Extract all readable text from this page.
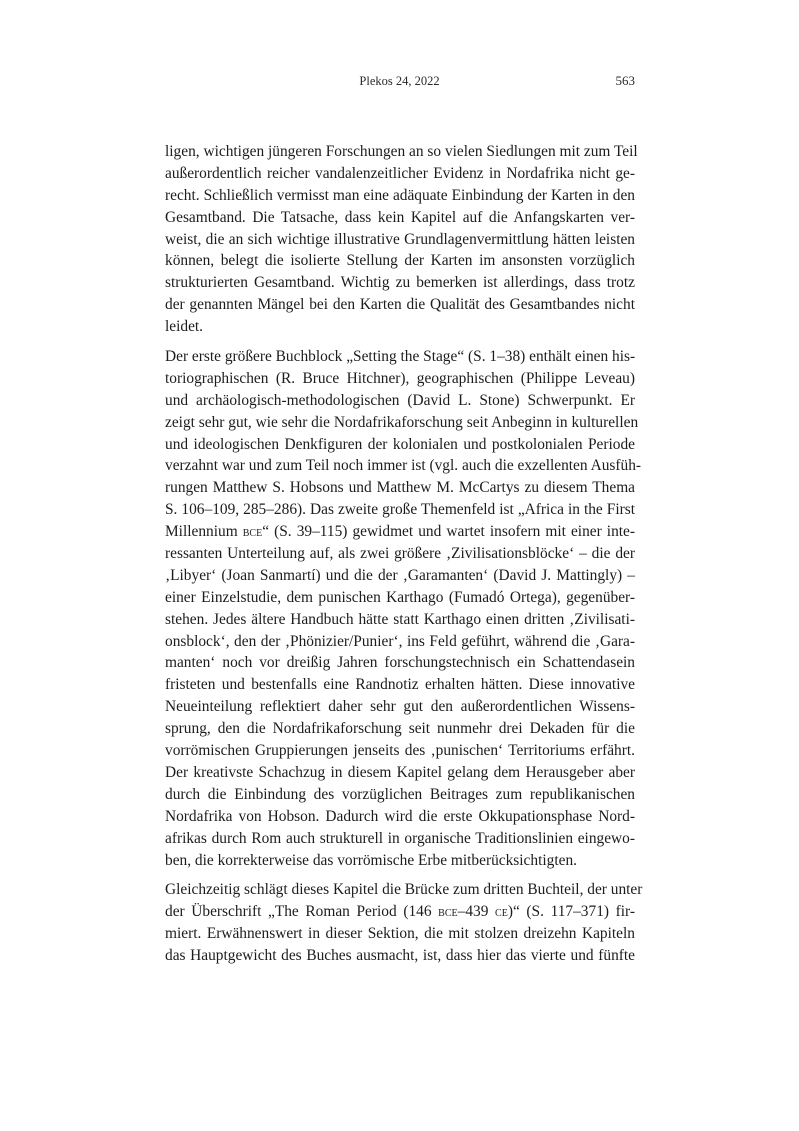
Plekos 24, 2022	563

ligen, wichtigen jüngeren Forschungen an so vielen Siedlungen mit zum Teil
außerordentlich reicher vandalenzeitlicher Evidenz in Nordafrika nicht ge-
recht. Schließlich vermisst man eine adäquate Einbindung der Karten in den
Gesamtband. Die Tatsache, dass kein Kapitel auf die Anfangskarten ver-
weist, die an sich wichtige illustrative Grundlagenvermittlung hätten leisten
können, belegt die isolierte Stellung der Karten im ansonsten vorzüglich
strukturierten Gesamtband. Wichtig zu bemerken ist allerdings, dass trotz
der genannten Mängel bei den Karten die Qualität des Gesamtbandes nicht
leidet.

Der erste größere Buchblock „Setting the Stage“ (S. 1–38) enthält einen his-
toriographischen (R. Bruce Hitchner), geographischen (Philippe Leveau)
und archäologisch-methodologischen (David L. Stone) Schwerpunkt. Er
zeigt sehr gut, wie sehr die Nordafrikaforschung seit Anbeginn in kulturellen
und ideologischen Denkfiguren der kolonialen und postkolonialen Periode
verzahnt war und zum Teil noch immer ist (vgl. auch die exzellenten Ausfüh-
rungen Matthew S. Hobsons und Matthew M. McCartys zu diesem Thema
S. 106–109, 285–286). Das zweite große Themenfeld ist „Africa in the First
Millennium bce“ (S. 39–115) gewidmet und wartet insofern mit einer inte-
ressanten Unterteilung auf, als zwei größere ‚Zivilisationsblöcke‘ – die der
‚Libyer‘ (Joan Sanmartí) und die der ‚Garamanten‘ (David J. Mattingly) –
einer Einzelstudie, dem punischen Karthago (Fumadó Ortega), gegenüber-
stehen. Jedes ältere Handbuch hätte statt Karthago einen dritten ‚Zivilisati-
onsblock‘, den der ‚Phönizier/Punier‘, ins Feld geführt, während die ‚Gara-
manten‘ noch vor dreißig Jahren forschungstechnisch ein Schattendasein
fristeten und bestenfalls eine Randnotiz erhalten hätten. Diese innovative
Neueinteilung reflektiert daher sehr gut den außerordentlichen Wissens-
sprung, den die Nordafrikaforschung seit nunmehr drei Dekaden für die
vorrömischen Gruppierungen jenseits des ‚punischen‘ Territoriums erfährt.
Der kreativste Schachzug in diesem Kapitel gelang dem Herausgeber aber
durch die Einbindung des vorzüglichen Beitrages zum republikanischen
Nordafrika von Hobson. Dadurch wird die erste Okkupationsphase Nord-
afrikas durch Rom auch strukturell in organische Traditionslinien eingewo-
ben, die korrekterweise das vorrömische Erbe mitberücksichtigten.

Gleichzeitig schlägt dieses Kapitel die Brücke zum dritten Buchteil, der unter
der Überschrift „The Roman Period (146 bce–439 ce)“ (S. 117–371) fir-
miert. Erwähnenswert in dieser Sektion, die mit stolzen dreizehn Kapiteln
das Hauptgewicht des Buches ausmacht, ist, dass hier das vierte und fünfte
